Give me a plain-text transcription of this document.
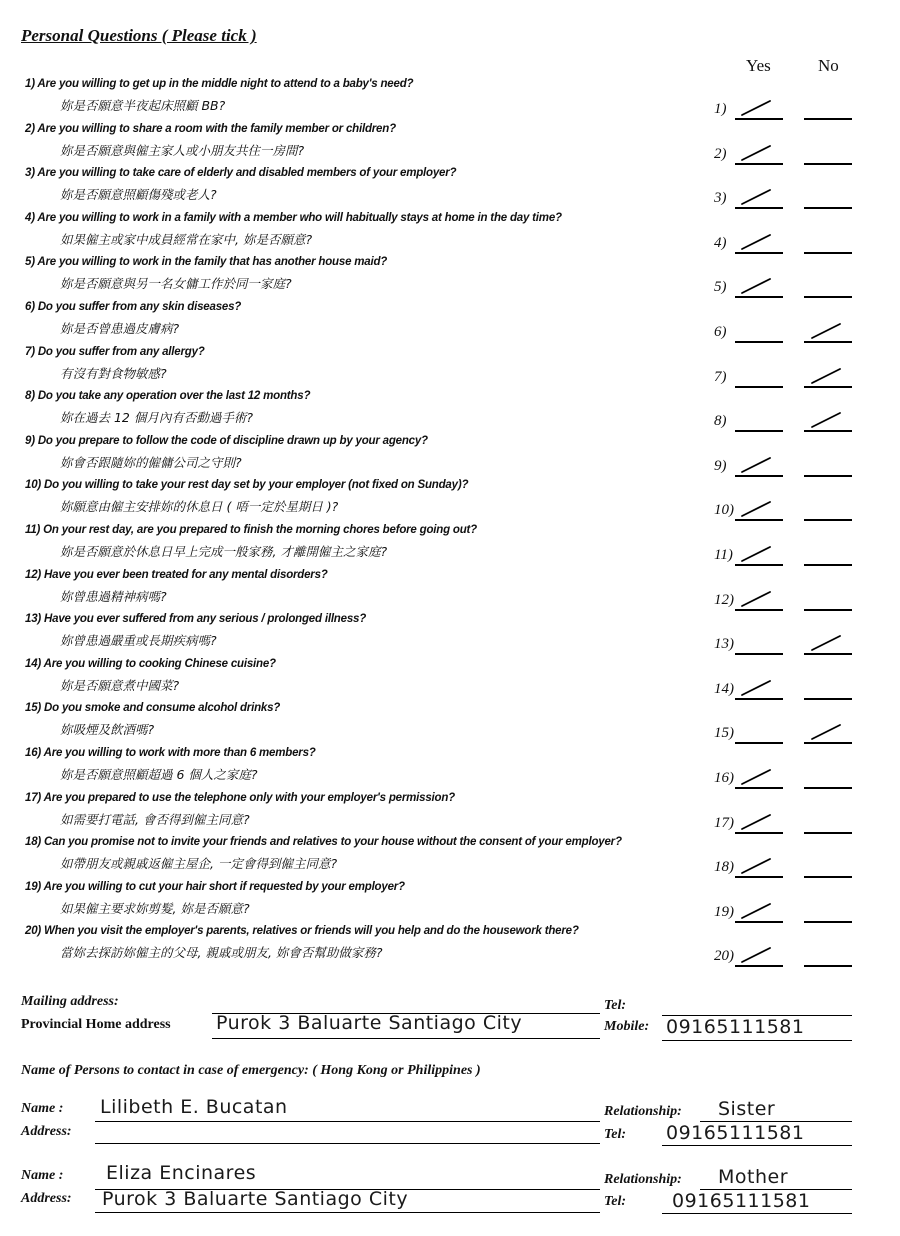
Personal Questions ( Please tick )
Yes	No
1) Are you willing to get up in the middle night to attend to a baby's need?
妳是否願意半夜起床照顧 BB?	1)
2) Are you willing to share a room with the family member or children?
妳是否願意與僱主家人或小朋友共住一房間?	2)
3) Are you willing to take care of elderly and disabled members of your employer?
妳是否願意照顧傷殘或老人?	3)
4) Are you willing to work in a family with a member who will habitually stays at home in the day time?
如果僱主或家中成員經常在家中, 妳是否願意?	4)
5) Are you willing to work in the family that has another house maid?
妳是否願意與另一名女傭工作於同一家庭?	5)
6) Do you suffer from any skin diseases?
妳是否曾患過皮膚病?	6)
7) Do you suffer from any allergy?
有沒有對食物敏感?	7)
8) Do you take any operation over the last 12 months?
妳在過去 12 個月內有否動過手術?	8)
9) Do you prepare to follow the code of discipline drawn up by your agency?
妳會否跟隨妳的僱傭公司之守則?	9)
10) Do you willing to take your rest day set by your employer (not fixed on Sunday)?
妳願意由僱主安排妳的休息日 ( 唔一定於星期日 )?	10)
11) On your rest day, are you prepared to finish the morning chores before going out?
妳是否願意於休息日早上完成一般家務, 才離開僱主之家庭?	11)
12) Have you ever been treated for any mental disorders?
妳曾患過精神病嗎?	12)
13) Have you ever suffered from any serious / prolonged illness?
妳曾患過嚴重或長期疾病嗎?	13)
14) Are you willing to cooking Chinese cuisine?
妳是否願意煮中國菜?	14)
15) Do you smoke and consume alcohol drinks?
妳吸煙及飲酒嗎?	15)
16) Are you willing to work with more than 6 members?
妳是否願意照顧超過 6 個人之家庭?	16)
17) Are you prepared to use the telephone only with your employer's permission?
如需要打電話, 會否得到僱主同意?	17)
18) Can you promise not to invite your friends and relatives to your house without the consent of your employer?
如帶朋友或親戚返僱主屋企, 一定會得到僱主同意?	18)
19) Are you willing to cut your hair short if requested by your employer?
如果僱主要求妳剪髮, 妳是否願意?	19)
20) When you visit the employer's parents, relatives or friends will you help and do the housework there?
當妳去探訪妳僱主的父母, 親戚或朋友, 妳會否幫助做家務?	20)
Mailing address:	Tel:
Provincial Home address Purok 3 Baluarte Santiago City	Mobile: 09165111581
Name of Persons to contact in case of emergency: ( Hong Kong or Philippines )
Name : Lilibeth E. Bucatan	Relationship: Sister
Address:	Tel: 09165111581
Name : Eliza Encinares	Relationship: Mother
Address: Purok 3 Baluarte Santiago City	Tel: 09165111581
